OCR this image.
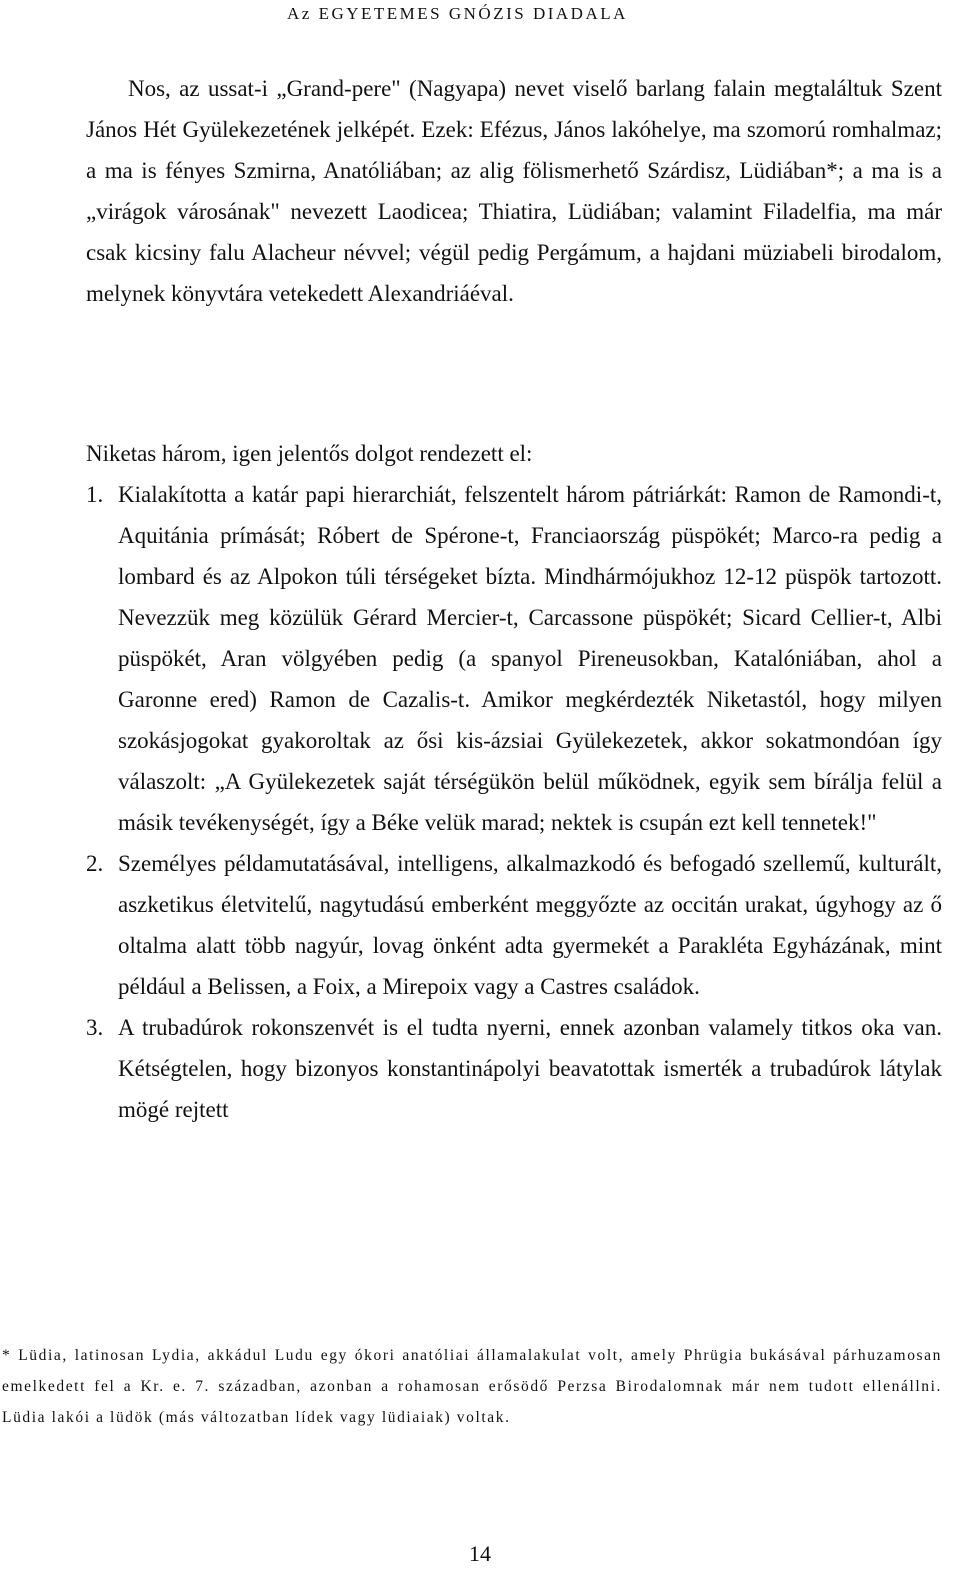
Az EGYETEMES GNÓZIS DIADALA

Nos, az ussat-i „Grand-pere" (Nagyapa) nevet viselő barlang falain megtaláltuk Szent János Hét Gyülekezetének jelképét. Ezek: Efézus, János lakóhelye, ma szomorú romhalmaz; a ma is fényes Szmirna, Anatóliában; az alig fölismerhető Szárdisz, Lüdiában*; a ma is a „virágok városának" nevezett Laodicea; Thiatira, Lüdiában; valamint Filadelfia, ma már csak kicsiny falu Alacheur névvel; végül pedig Pergámum, a hajdani müziabeli birodalom, melynek könyvtára vetekedett Alexandriáéval.

Niketas három, igen jelentős dolgot rendezett el:

1. Kialakította a katár papi hierarchiát, felszentelt három pátriárkát: Ramon de Ramondi-t, Aquitánia prímását; Róbert de Spérone-t, Franciaország püspökét; Marco-ra pedig a lombard és az Alpokon túli térségeket bízta. Mindhármójukhoz 12-12 püspök tartozott. Nevezzük meg közülük Gérard Mercier-t, Carcassone püspökét; Sicard Cellier-t, Albi püspökét, Aran völgyében pedig (a spanyol Pireneusokban, Katalóniában, ahol a Garonne ered) Ramon de Cazalis-t. Amikor megkérdezték Niketastól, hogy milyen szokásjogokat gyakoroltak az ősi kis-ázsiai Gyülekezetek, akkor sokatmondóan így válaszolt: „A Gyülekezetek saját térségükön belül működnek, egyik sem bírálja felül a másik tevékenységét, így a Béke velük marad; nektek is csupán ezt kell tennetek!"
2. Személyes példamutatásával, intelligens, alkalmazkodó és befogadó szellemű, kulturált, aszketikus életvitelű, nagytudású emberként meggyőzte az occitán urakat, úgyhogy az ő oltalma alatt több nagyúr, lovag önként adta gyermekét a Parakléta Egyházának, mint például a Belissen, a Foix, a Mirepoix vagy a Castres családok.
3. A trubadúrok rokonszenvét is el tudta nyerni, ennek azonban valamely titkos oka van. Kétségtelen, hogy bizonyos konstantinápolyi beavatottak ismerték a trubadúrok látylak mögé rejtett

* Lüdia, latinosan Lydia, akkádul Ludu egy ókori anatóliai államalakulat volt, amely Phrügia bukásával párhuzamosan emelkedett fel a Kr. e. 7. században, azonban a rohamosan erősödő Perzsa Birodalomnak már nem tudott ellenállni. Lüdia lakói a lüdök (más változatban lídek vagy lüdiaiak) voltak.

14
